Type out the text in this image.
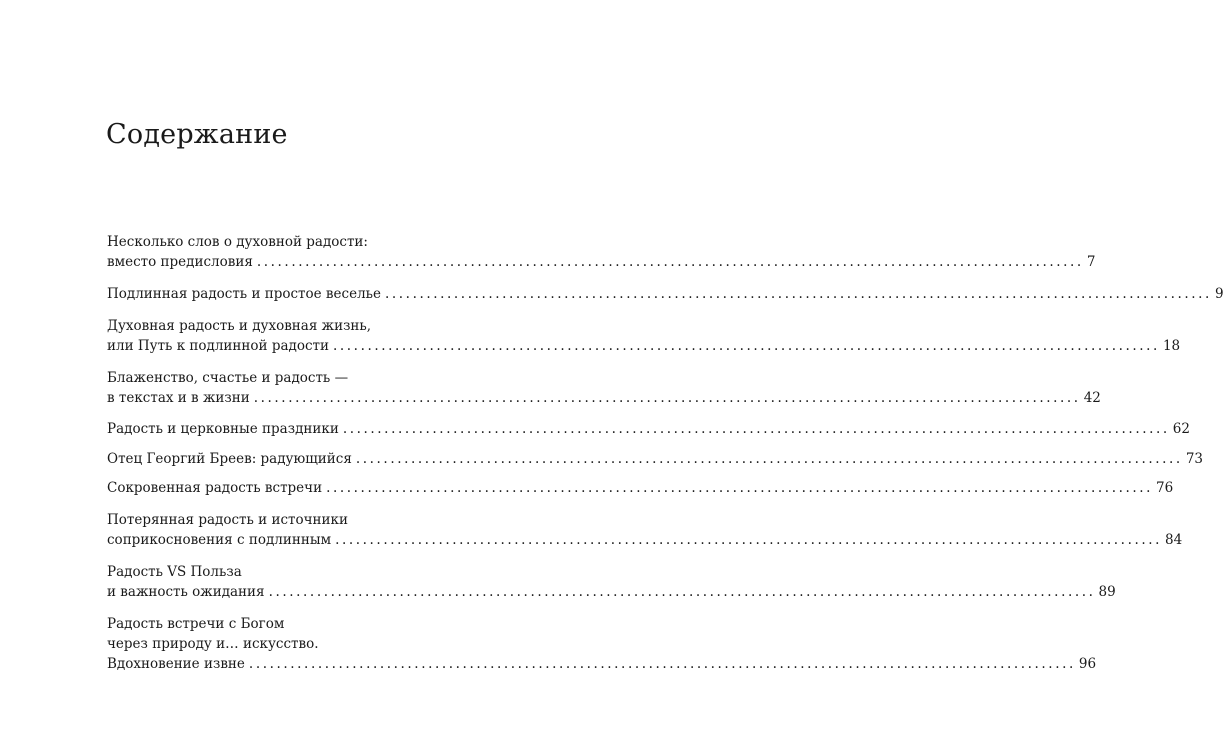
Содержание
Несколько слов о духовной радости:
вместо предисловия ........................................................................................................................ 7
Подлинная радость и простое веселье ........................................................................................................................ 9
Духовная радость и духовная жизнь,
или Путь к подлинной радости ........................................................................................................................ 18
Блаженство, счастье и радость —
в текстах и в жизни ........................................................................................................................ 42
Радость и церковные праздники ........................................................................................................................ 62
Отец Георгий Бреев: радующийся ........................................................................................................................ 73
Сокровенная радость встречи ........................................................................................................................ 76
Потерянная радость и источники
соприкосновения с подлинным ........................................................................................................................ 84
Радость VS Польза
и важность ожидания ........................................................................................................................ 89
Радость встречи с Богом
через природу и… искусство.
Вдохновение извне ........................................................................................................................ 96
